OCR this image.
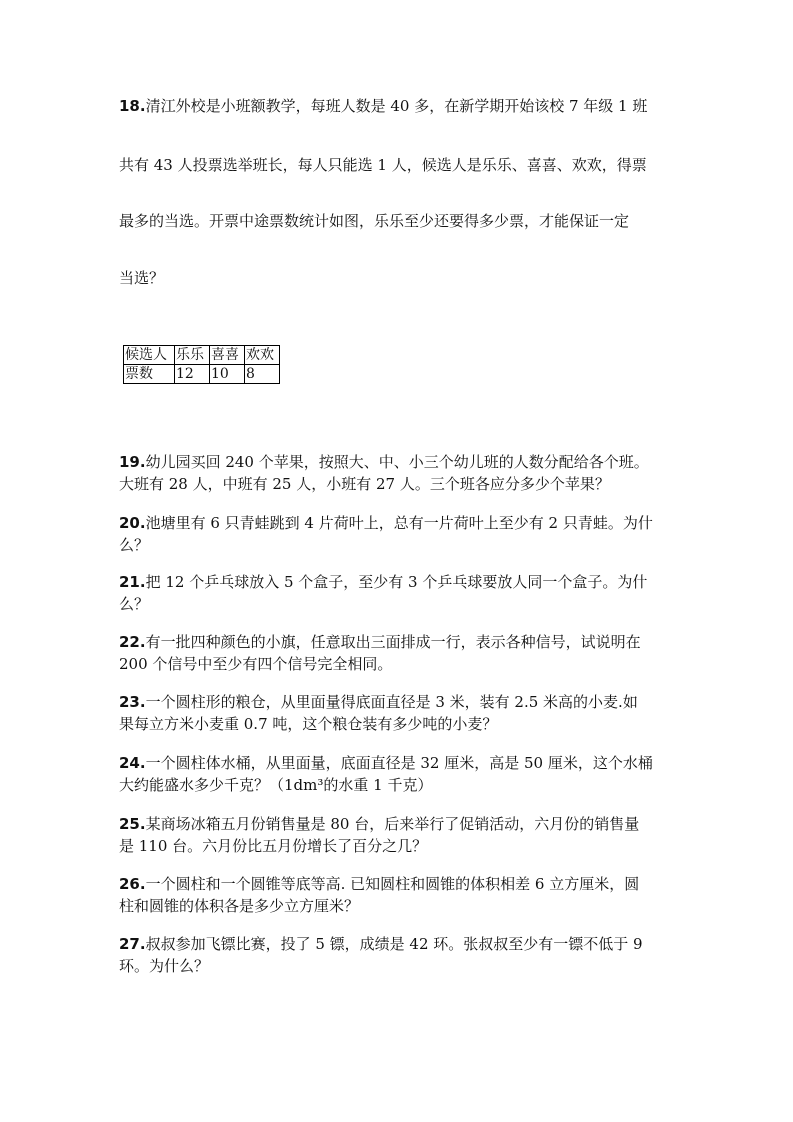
18.清江外校是小班额教学，每班人数是 40 多，在新学期开始该校 7 年级 1 班
共有 43 人投票选举班长，每人只能选 1 人，候选人是乐乐、喜喜、欢欢，得票
最多的当选。开票中途票数统计如图，乐乐至少还要得多少票，才能保证一定
当选？
候选人	乐乐	喜喜	欢欢
票数	12	10	8

19.幼儿园买回 240 个苹果，按照大、中、小三个幼儿班的人数分配给各个班。

大班有 28 人，中班有 25 人，小班有 27 人。三个班各应分多少个苹果？

20.池塘里有 6 只青蛙跳到 4 片荷叶上，总有一片荷叶上至少有 2 只青蛙。为什

么？

21.把 12 个乒乓球放入 5 个盒子，至少有 3 个乒乓球要放人同一个盒子。为什

么？

22.有一批四种颜色的小旗，任意取出三面排成一行，表示各种信号，试说明在

200 个信号中至少有四个信号完全相同。

23.一个圆柱形的粮仓，从里面量得底面直径是 3 米，装有 2.5 米高的小麦.如

果每立方米小麦重 0.7 吨，这个粮仓装有多少吨的小麦？

24.一个圆柱体水桶，从里面量，底面直径是 32 厘米，高是 50 厘米，这个水桶

大约能盛水多少千克？（1dm³的水重 1 千克）

25.某商场冰箱五月份销售量是 80 台，后来举行了促销活动，六月份的销售量

是 110 台。六月份比五月份增长了百分之几？

26.一个圆柱和一个圆锥等底等高. 已知圆柱和圆锥的体积相差 6 立方厘米，圆

柱和圆锥的体积各是多少立方厘米？

27.叔叔参加飞镖比赛，投了 5 镖，成绩是 42 环。张叔叔至少有一镖不低于 9

环。为什么？
